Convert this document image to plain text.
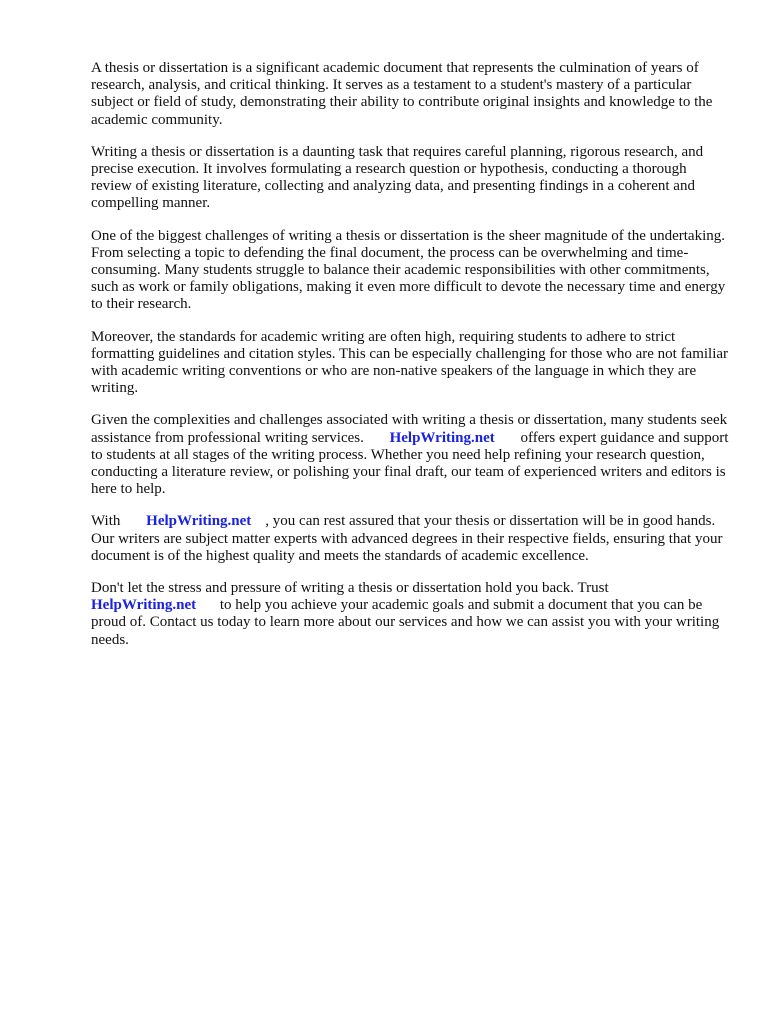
A thesis or dissertation is a significant academic document that represents the culmination of years of research, analysis, and critical thinking. It serves as a testament to a student's mastery of a particular subject or field of study, demonstrating their ability to contribute original insights and knowledge to the academic community.

Writing a thesis or dissertation is a daunting task that requires careful planning, rigorous research, and precise execution. It involves formulating a research question or hypothesis, conducting a thorough review of existing literature, collecting and analyzing data, and presenting findings in a coherent and compelling manner.

One of the biggest challenges of writing a thesis or dissertation is the sheer magnitude of the undertaking. From selecting a topic to defending the final document, the process can be overwhelming and time-consuming. Many students struggle to balance their academic responsibilities with other commitments, such as work or family obligations, making it even more difficult to devote the necessary time and energy to their research.

Moreover, the standards for academic writing are often high, requiring students to adhere to strict formatting guidelines and citation styles. This can be especially challenging for those who are not familiar with academic writing conventions or who are non-native speakers of the language in which they are writing.

Given the complexities and challenges associated with writing a thesis or dissertation, many students seek assistance from professional writing services. HelpWriting.net offers expert guidance and support to students at all stages of the writing process. Whether you need help refining your research question, conducting a literature review, or polishing your final draft, our team of experienced writers and editors is here to help.

With HelpWriting.net , you can rest assured that your thesis or dissertation will be in good hands. Our writers are subject matter experts with advanced degrees in their respective fields, ensuring that your document is of the highest quality and meets the standards of academic excellence.

Don't let the stress and pressure of writing a thesis or dissertation hold you back. Trust HelpWriting.net to help you achieve your academic goals and submit a document that you can be proud of. Contact us today to learn more about our services and how we can assist you with your writing needs.
